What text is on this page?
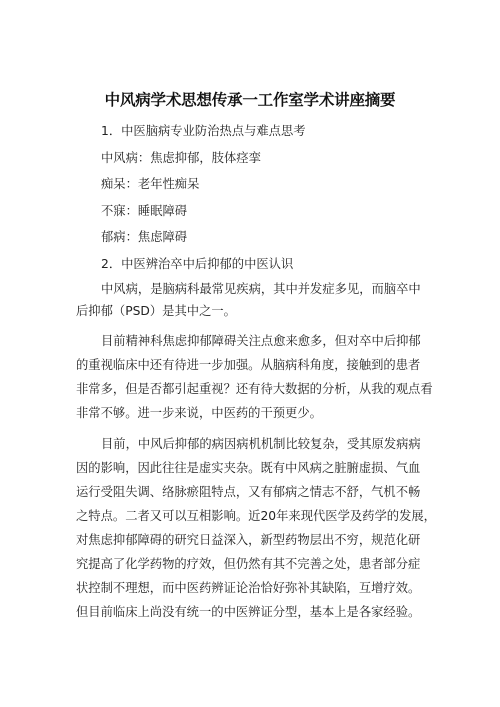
中风病学术思想传承一工作室学术讲座摘要
1．中医脑病专业防治热点与难点思考
中风病：焦虑抑郁，肢体痉挛
痴呆：老年性痴呆
不寐：睡眠障碍
郁病：焦虑障碍
2．中医辨治卒中后抑郁的中医认识
中风病，是脑病科最常见疾病，其中并发症多见，而脑卒中
后抑郁（PSD）是其中之一。
目前精神科焦虑抑郁障碍关注点愈来愈多，但对卒中后抑郁
的重视临床中还有待进一步加强。从脑病科角度，接触到的患者
非常多，但是否都引起重视？还有待大数据的分析，从我的观点看
非常不够。进一步来说，中医药的干预更少。
目前，中风后抑郁的病因病机机制比较复杂，受其原发病病
因的影响，因此往往是虚实夹杂。既有中风病之脏腑虚损、气血
运行受阻失调、络脉瘀阻特点，又有郁病之情志不舒，气机不畅
之特点。二者又可以互相影响。近20年来现代医学及药学的发展，
对焦虑抑郁障碍的研究日益深入，新型药物层出不穷，规范化研
究提高了化学药物的疗效，但仍然有其不完善之处，患者部分症
状控制不理想，而中医药辨证论治恰好弥补其缺陷，互增疗效。
但目前临床上尚没有统一的中医辨证分型，基本上是各家经验。
